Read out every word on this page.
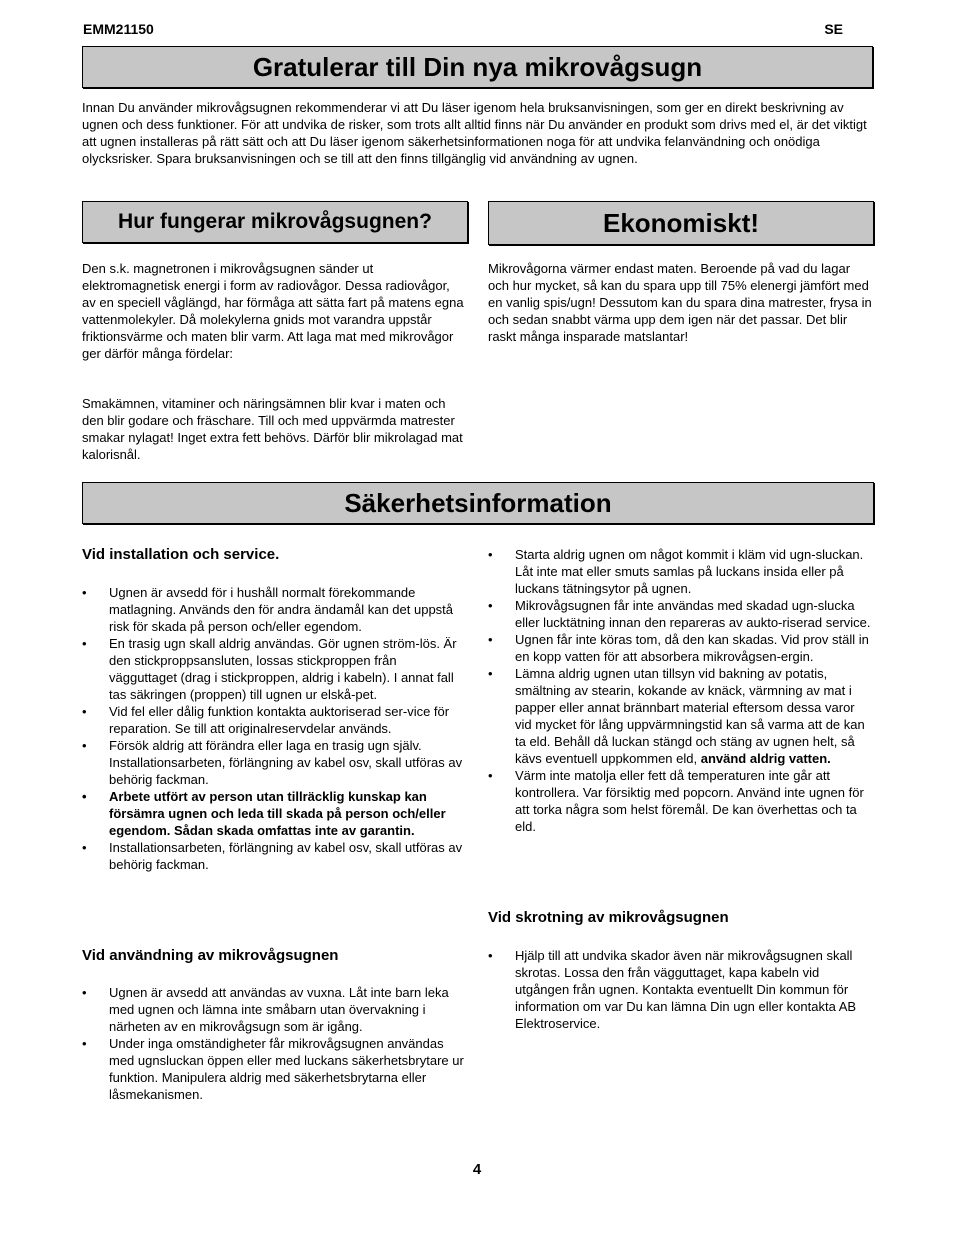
EMM21150	SE
Gratulerar till Din nya mikrovågsugn

Innan Du använder mikrovågsugnen rekommenderar vi att Du läser igenom hela bruksanvisningen, som ger en direkt beskrivning av ugnen och dess funktioner. För att undvika de risker, som trots allt alltid finns när Du använder en produkt som drivs med el, är det viktigt att ugnen installeras på rätt sätt och att Du läser igenom säkerhetsinformationen noga för att undvika felanvändning och onödiga olycksrisker. Spara bruksanvisningen och se till att den finns tillgänglig vid användning av ugnen.

Hur fungerar mikrovågsugnen?

Den s.k. magnetronen i mikrovågsugnen sänder ut elektromagnetisk energi i form av radiovågor. Dessa radiovågor, av en speciell våglängd, har förmåga att sätta fart på matens egna vattenmolekyler. Då molekylerna gnids mot varandra uppstår friktionsvärme och maten blir varm. Att laga mat med mikrovågor ger därför många fördelar:

Smakämnen, vitaminer och näringsämnen blir kvar i maten och den blir godare och fräschare. Till och med uppvärmda matrester smakar nylagat! Inget extra fett behövs. Därför blir mikrolagad mat kalorisnål.

Ekonomiskt!

Mikrovågorna värmer endast maten. Beroende på vad du lagar och hur mycket, så kan du spara upp till 75% elenergi jämfört med en vanlig spis/ugn! Dessutom kan du spara dina matrester, frysa in och sedan snabbt värma upp dem igen när det passar. Det blir raskt många insparade matslantar!

Säkerhetsinformation
Vid installation och service.
• Ugnen är avsedd för i hushåll normalt förekommande matlagning. Används den för andra ändamål kan det uppstå risk för skada på person och/eller egendom.
• En trasig ugn skall aldrig användas. Gör ugnen ström-lös. Är den stickproppsansluten, lossas stickproppen från vägguttaget (drag i stickproppen, aldrig i kabeln). I annat fall tas säkringen (proppen) till ugnen ur elskå-pet.
• Vid fel eller dålig funktion kontakta auktoriserad ser-vice för reparation. Se till att originalreservdelar används.
• Försök aldrig att förändra eller laga en trasig ugn själv. Installationsarbeten, förlängning av kabel osv, skall utföras av behörig fackman.
• Arbete utfört av person utan tillräcklig kunskap kan försämra ugnen och leda till skada på person och/eller egendom. Sådan skada omfattas inte av garantin.
• Installationsarbeten, förlängning av kabel osv, skall utföras av behörig fackman.
Vid användning av mikrovågsugnen
• Ugnen är avsedd att användas av vuxna. Låt inte barn leka med ugnen och lämna inte småbarn utan övervakning i närheten av en mikrovågsugn som är igång.
• Under inga omständigheter får mikrovågsugnen användas med ugnsluckan öppen eller med luckans säkerhetsbrytare ur funktion. Manipulera aldrig med säkerhetsbrytarna eller låsmekanismen.
• Starta aldrig ugnen om något kommit i kläm vid ugn-sluckan. Låt inte mat eller smuts samlas på luckans insida eller på luckans tätningsytor på ugnen.
• Mikrovågsugnen får inte användas med skadad ugn-slucka eller lucktätning innan den repareras av aukto-riserad service.
• Ugnen får inte köras tom, då den kan skadas. Vid prov ställ in en kopp vatten för att absorbera mikrovågsen-ergin.
• Lämna aldrig ugnen utan tillsyn vid bakning av potatis, smältning av stearin, kokande av knäck, värmning av mat i papper eller annat brännbart material eftersom dessa varor vid mycket för lång uppvärmningstid kan så varma att de kan ta eld. Behåll då luckan stängd och stäng av ugnen helt, så kävs eventuell uppkommen eld, använd aldrig vatten.
• Värm inte matolja eller fett då temperaturen inte går att kontrollera. Var försiktig med popcorn. Använd inte ugnen för att torka några som helst föremål. De kan överhettas och ta eld.
Vid skrotning av mikrovågsugnen
• Hjälp till att undvika skador även när mikrovågsugnen skall skrotas. Lossa den från vägguttaget, kapa kabeln vid utgången från ugnen. Kontakta eventuellt Din kommun för information om var Du kan lämna Din ugn eller kontakta AB Elektroservice.
4
